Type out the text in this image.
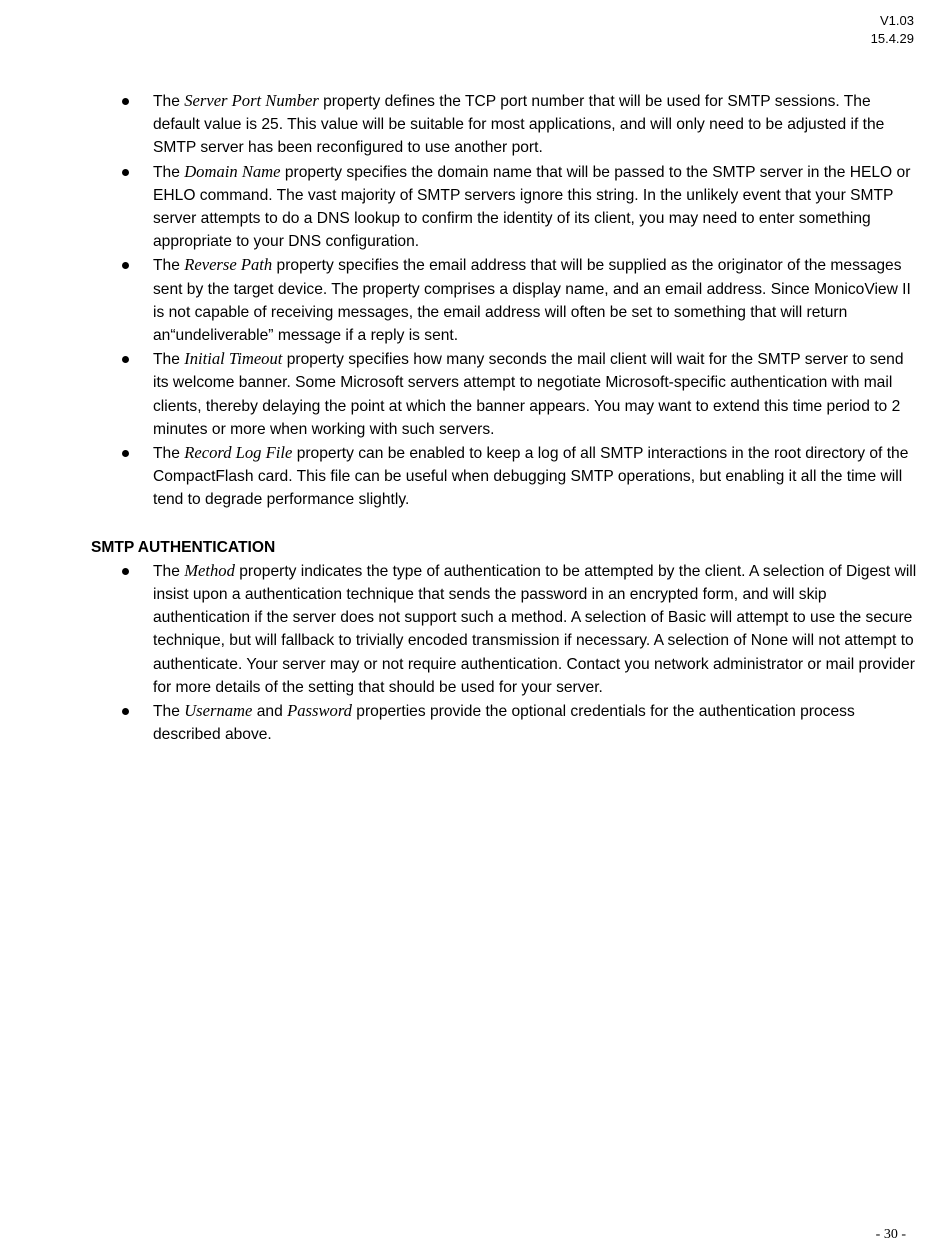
V1.03
15.4.29
The Server Port Number property defines the TCP port number that will be used for SMTP sessions. The default value is 25. This value will be suitable for most applications, and will only need to be adjusted if the SMTP server has been reconfigured to use another port.
The Domain Name property specifies the domain name that will be passed to the SMTP server in the HELO or EHLO command. The vast majority of SMTP servers ignore this string. In the unlikely event that your SMTP server attempts to do a DNS lookup to confirm the identity of its client, you may need to enter something appropriate to your DNS configuration.
The Reverse Path property specifies the email address that will be supplied as the originator of the messages sent by the target device. The property comprises a display name, and an email address. Since MonicoView II is not capable of receiving messages, the email address will often be set to something that will return an“undeliverable” message if a reply is sent.
The Initial Timeout property specifies how many seconds the mail client will wait for the SMTP server to send its welcome banner. Some Microsoft servers attempt to negotiate Microsoft-specific authentication with mail clients, thereby delaying the point at which the banner appears. You may want to extend this time period to 2 minutes or more when working with such servers.
The Record Log File property can be enabled to keep a log of all SMTP interactions in the root directory of the CompactFlash card. This file can be useful when debugging SMTP operations, but enabling it all the time will tend to degrade performance slightly.
SMTP AUTHENTICATION
The Method property indicates the type of authentication to be attempted by the client. A selection of Digest will insist upon a authentication technique that sends the password in an encrypted form, and will skip authentication if the server does not support such a method. A selection of Basic will attempt to use the secure technique, but will fallback to trivially encoded transmission if necessary. A selection of None will not attempt to authenticate. Your server may or not require authentication. Contact you network administrator or mail provider for more details of the setting that should be used for your server.
The Username and Password properties provide the optional credentials for the authentication process described above.
- 30 -
